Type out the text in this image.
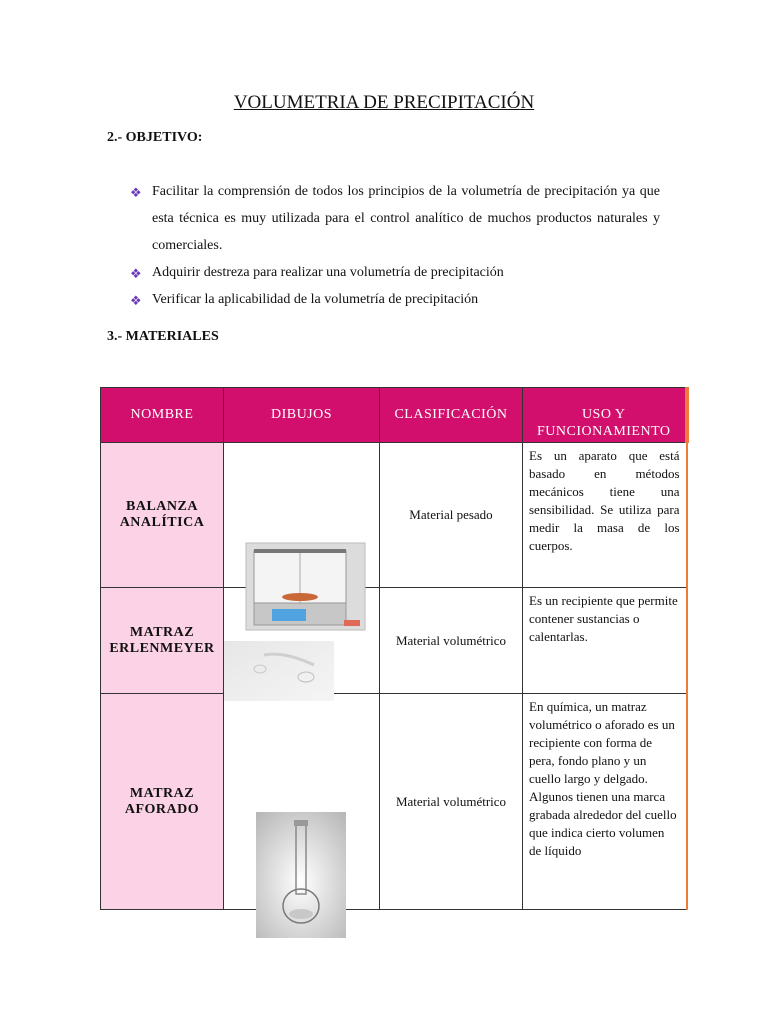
VOLUMETRIA DE PRECIPITACIÓN
2.- OBJETIVO:
❖ Facilitar la comprensión de todos los principios de la volumetría de precipitación ya que esta técnica es muy utilizada para el control analítico de muchos productos naturales y comerciales.
❖ Adquirir destreza para realizar una volumetría de precipitación
❖ Verificar la aplicabilidad de la volumetría de precipitación
3.- MATERIALES
NOMBRE	DIBUJOS	CLASIFICACIÓN	USO Y FUNCIONAMIENTO

BALANZA ANALÍTICA		Material pesado	Es un aparato que está basado en métodos mecánicos tiene una sensibilidad. Se utiliza para medir la masa de los cuerpos.
MATRAZ ERLENMEYER		Material volumétrico	Es un recipiente que permite contener sustancias o calentarlas.
MATRAZ AFORADO		Material volumétrico	En química, un matraz volumétrico o aforado es un recipiente con forma de pera, fondo plano y un cuello largo y delgado. Algunos tienen una marca grabada alrededor del cuello que indica cierto volumen de líquido
